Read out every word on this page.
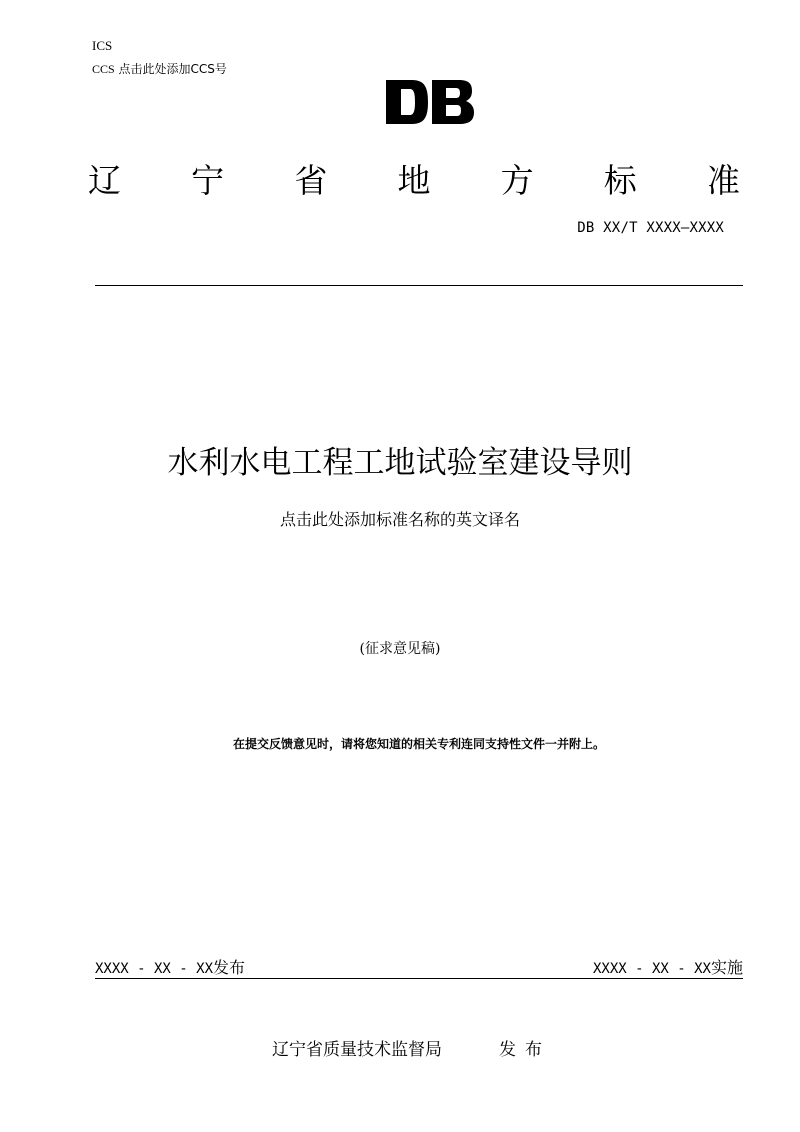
ICS
CCS 点击此处添加CCS号
辽 宁 省 地 方 标 准
DB XX/T XXXX—XXXX
水利水电工程工地试验室建设导则
点击此处添加标准名称的英文译名
(征求意见稿)
在提交反馈意见时，请将您知道的相关专利连同支持性文件一并附上。
XXXX - XX - XX发布	XXXX - XX - XX实施
辽宁省质量技术监督局	发布
